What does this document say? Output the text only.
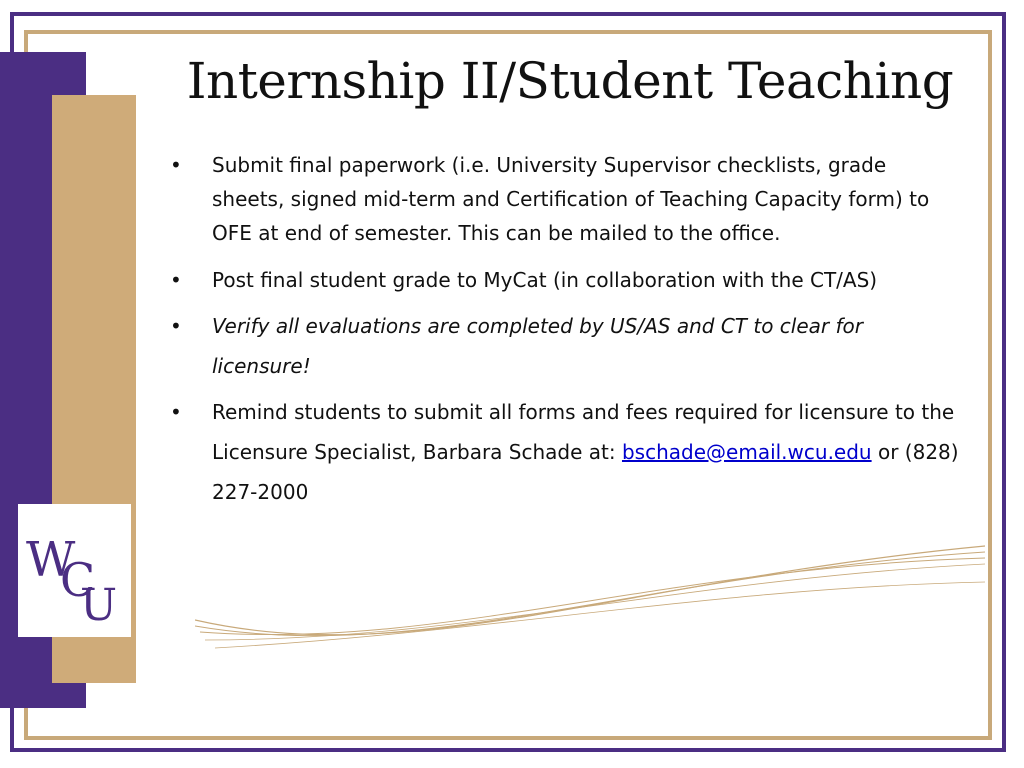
W
C
U
Internship II/Student Teaching
• Submit final paperwork (i.e. University Supervisor checklists, grade sheets, signed mid-term and Certification of Teaching Capacity form) to OFE at end of semester. This can be mailed to the office.
• Post final student grade to MyCat (in collaboration with the CT/AS)
• Verify all evaluations are completed by US/AS and CT to clear for licensure!
• Remind students to submit all forms and fees required for licensure to the Licensure Specialist, Barbara Schade at: bschade@email.wcu.edu or (828) 227-2000
